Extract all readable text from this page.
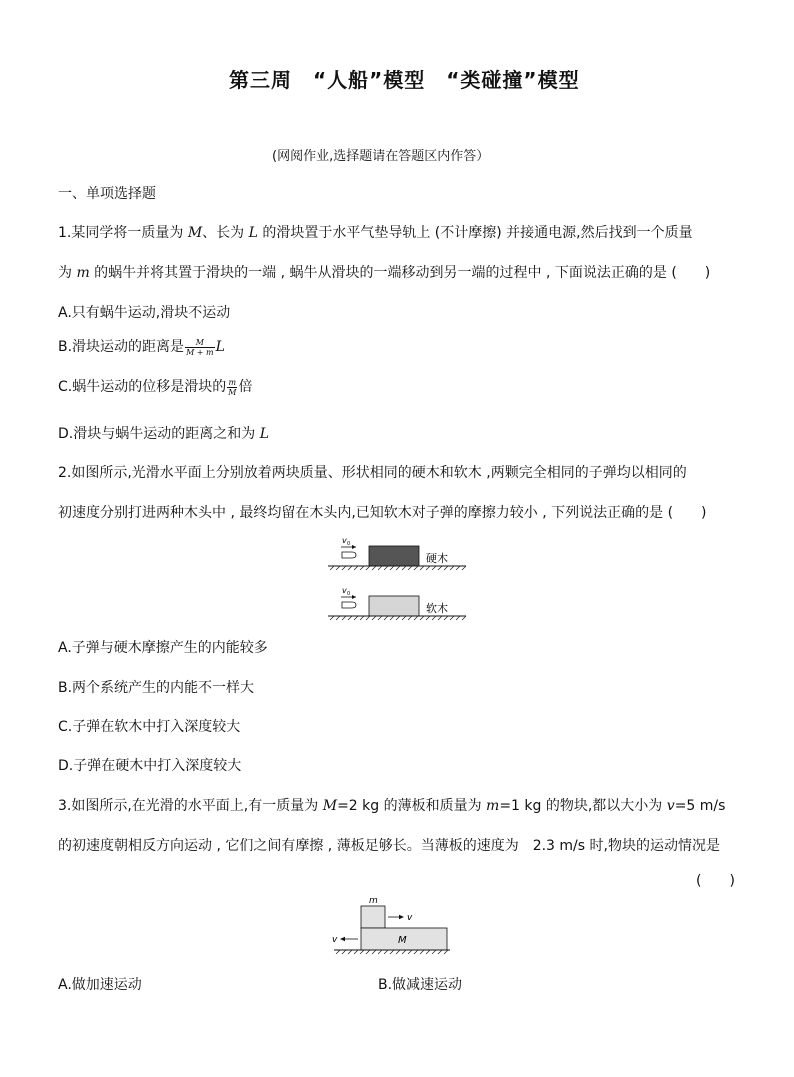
第三周　“人船”模型　“类碰撞”模型
(网阅作业,选择题请在答题区内作答）
一、单项选择题
1.某同学将一质量为 M、长为 L 的滑块置于水平气垫导轨上 (不计摩擦) 并接通电源,然后找到一个质量
为 m 的蜗牛并将其置于滑块的一端 , 蜗牛从滑块的一端移动到另一端的过程中 , 下面说法正确的是 (　　)
A.只有蜗牛运动,滑块不运动
B.滑块运动的距离是 $\frac{M}{M + m}$ L
C.蜗牛运动的位移是滑块的 $\frac{m}{M}$ 倍
D.滑块与蜗牛运动的距离之和为 L
2.如图所示,光滑水平面上分别放着两块质量、形状相同的硬木和软木 ,两颗完全相同的子弹均以相同的
初速度分别打进两种木头中 , 最终均留在木头内,已知软木对子弹的摩擦力较小 , 下列说法正确的是 (　　)
v 0
硬木
v 0
软木
A.子弹与硬木摩擦产生的内能较多
B.两个系统产生的内能不一样大
C.子弹在软木中打入深度较大
D.子弹在硬木中打入深度较大
3.如图所示,在光滑的水平面上,有一质量为 M=2 kg 的薄板和质量为 m=1 kg 的物块,都以大小为 v=5 m/s
的初速度朝相反方向运动 , 它们之间有摩擦 , 薄板足够长。当薄板的速度为　2.3 m/s 时,物块的运动情况是
(　　)
m
v
M
v
A.做加速运动	B.做减速运动
